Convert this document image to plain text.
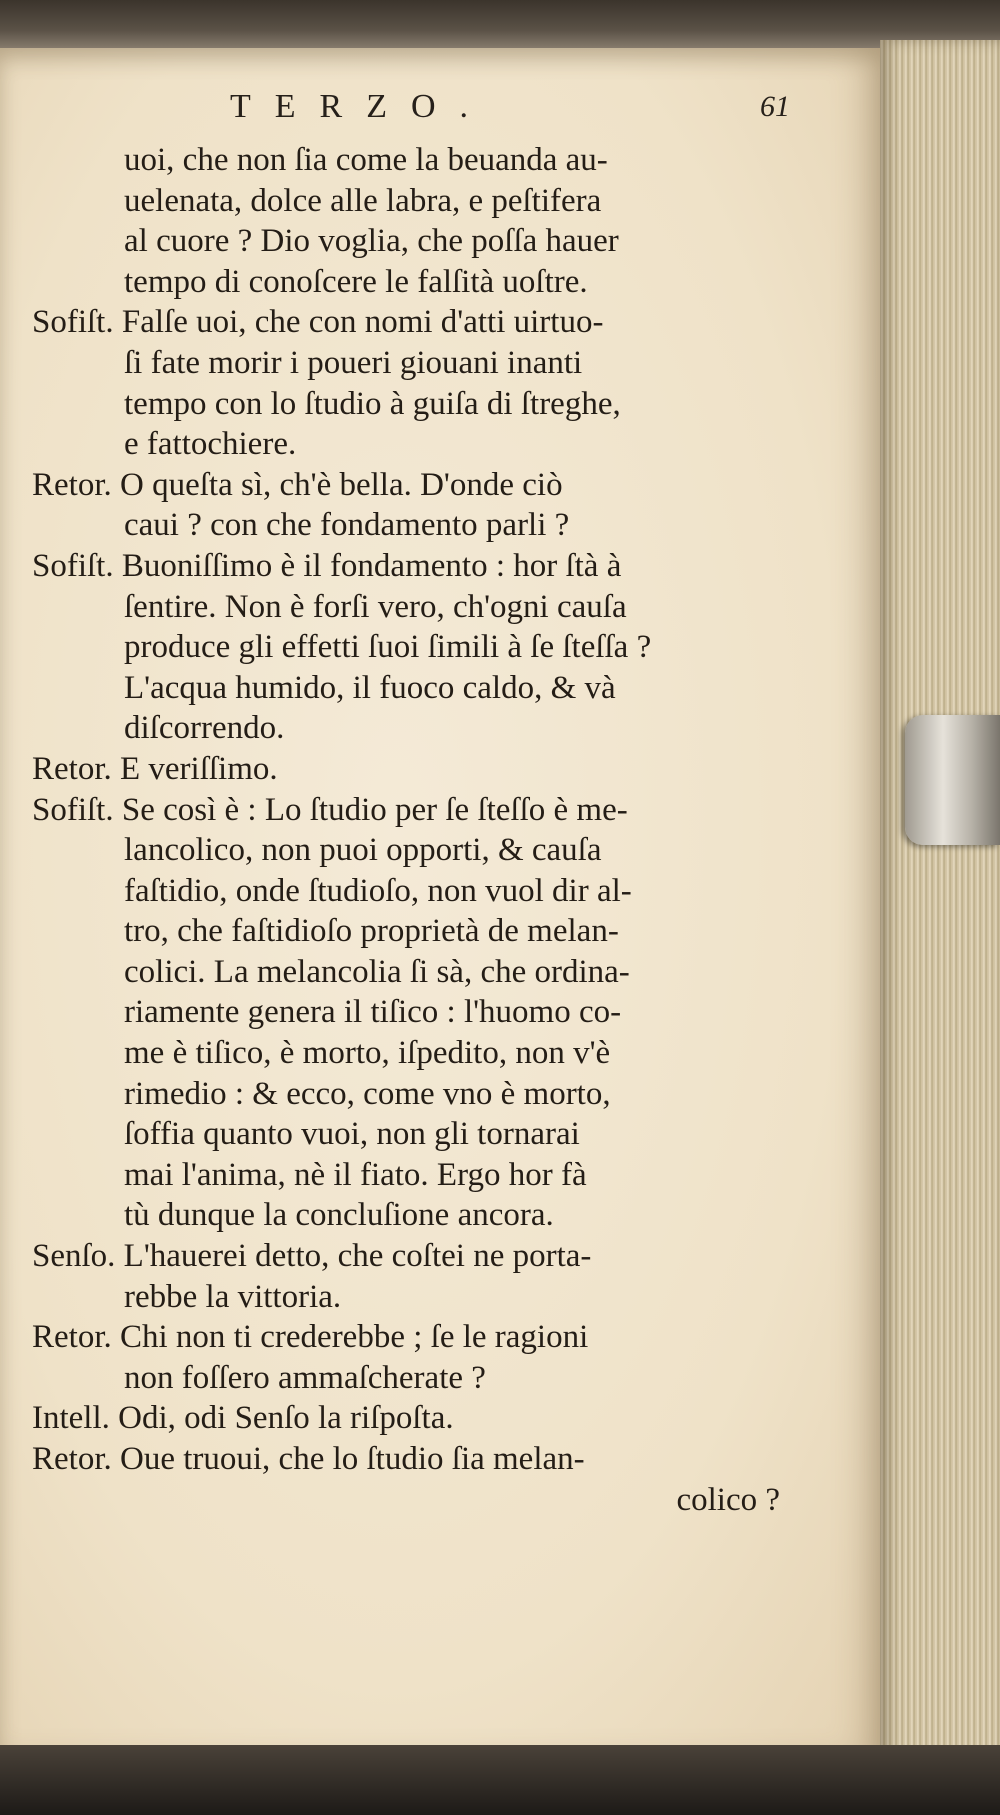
TERZO.	61
uoi, che non ſia come la beuanda au-
uelenata, dolce alle labra, e peſtifera
al cuore ? Dio voglia, che poſſa hauer
tempo di conoſcere le falſità uoſtre.
Sofiſt. Falſe uoi, che con nomi d'atti uirtuo-
ſi fate morir i poueri giouani inanti
tempo con lo ſtudio à guiſa di ſtreghe,
e fattochiere.
Retor. O queſta sì, ch'è bella. D'onde ciò
caui ? con che fondamento parli ?
Sofiſt. Buoniſſimo è il fondamento : hor ſtà à
ſentire. Non è forſi vero, ch'ogni cauſa
produce gli effetti ſuoi ſimili à ſe ſteſſa ?
L'acqua humido, il fuoco caldo, & và
diſcorrendo.
Retor. E veriſſimo.
Sofiſt. Se così è : Lo ſtudio per ſe ſteſſo è me-
lancolico, non puoi opporti, & cauſa
faſtidio, onde ſtudioſo, non vuol dir al-
tro, che faſtidioſo proprietà de melan-
colici. La melancolia ſi sà, che ordina-
riamente genera il tiſico : l'huomo co-
me è tiſico, è morto, iſpedito, non v'è
rimedio : & ecco, come vno è morto,
ſoffia quanto vuoi, non gli tornarai
mai l'anima, nè il fiato. Ergo hor fà
tù dunque la concluſione ancora.
Senſo. L'hauerei detto, che coſtei ne porta-
rebbe la vittoria.
Retor. Chi non ti crederebbe ; ſe le ragioni
non foſſero ammaſcherate ?
Intell. Odi, odi Senſo la riſpoſta.
Retor. Oue truoui, che lo ſtudio ſia melan-
colico ?
